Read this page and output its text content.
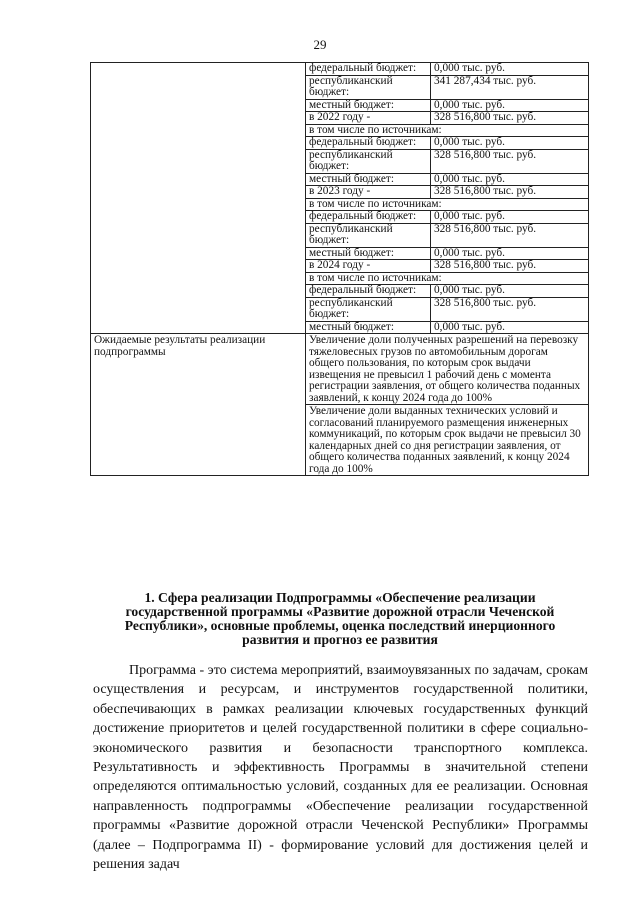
29
	федеральный бюджет:	0,000 тыс. руб.
	республиканский бюджет:	341 287,434 тыс. руб.
	местный бюджет:	0,000 тыс. руб.
	в 2022 году -	328 516,800 тыс. руб.
	в том числе по источникам:	
	федеральный бюджет:	0,000 тыс. руб.
	республиканский бюджет:	328 516,800 тыс. руб.
	местный бюджет:	0,000 тыс. руб.
	в 2023 году -	328 516,800 тыс. руб.
	в том числе по источникам:	
	федеральный бюджет:	0,000 тыс. руб.
	республиканский бюджет:	328 516,800 тыс. руб.
	местный бюджет:	0,000 тыс. руб.
	в 2024 году -	328 516,800 тыс. руб.
	в том числе по источникам:	
	федеральный бюджет:	0,000 тыс. руб.
	республиканский бюджет:	328 516,800 тыс. руб.
	местный бюджет:	0,000 тыс. руб.
Ожидаемые результаты реализации подпрограммы	Увеличение доли полученных разрешений на перевозку тяжеловесных грузов по автомобильным дорогам общего пользования, по которым срок выдачи извещения не превысил 1 рабочий день с момента регистрации заявления, от общего количества поданных заявлений, к концу 2024 года до 100%	
	Увеличение доли выданных технических условий и согласований планируемого размещения инженерных коммуникаций, по которым срок выдачи не превысил 30 календарных дней со дня регистрации заявления, от общего количества поданных заявлений, к концу 2024 года до 100%	
1. Сфера реализации Подпрограммы «Обеспечение реализации государственной программы «Развитие дорожной отрасли Чеченской Республики», основные проблемы, оценка последствий инерционного развития и прогноз ее развития

Программа - это система мероприятий, взаимоувязанных по задачам, срокам осуществления и ресурсам, и инструментов государственной политики, обеспечивающих в рамках реализации ключевых государственных функций достижение приоритетов и целей государственной политики в сфере социально-экономического развития и безопасности транспортного комплекса. Результативность и эффективность Программы в значительной степени определяются оптимальностью условий, созданных для ее реализации. Основная направленность подпрограммы «Обеспечение реализации государственной программы «Развитие дорожной отрасли Чеченской Республики» Программы (далее – Подпрограмма II) - формирование условий для достижения целей и решения задач
